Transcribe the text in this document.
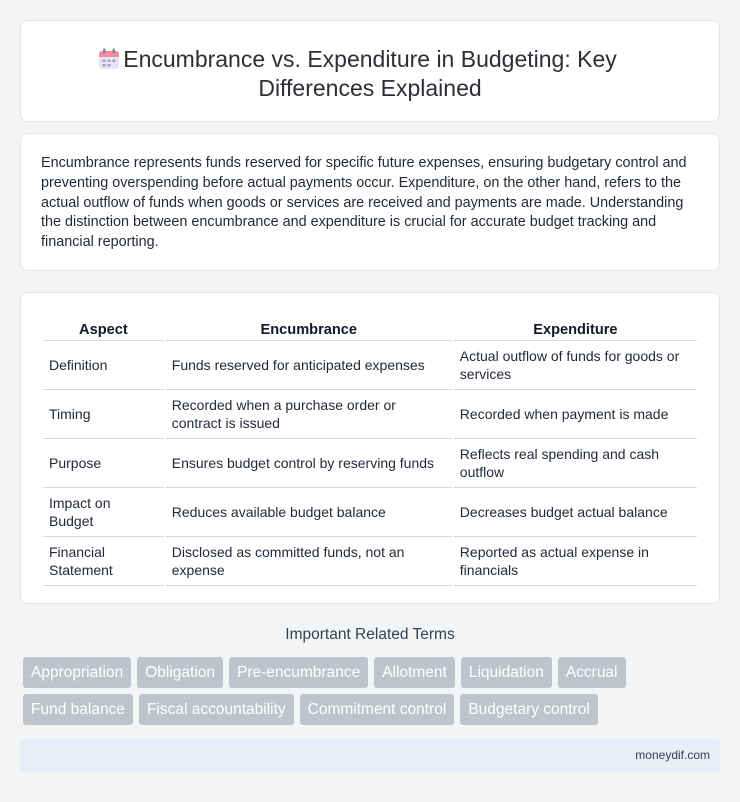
Encumbrance vs. Expenditure in Budgeting: Key Differences Explained

Encumbrance represents funds reserved for specific future expenses, ensuring budgetary control and preventing overspending before actual payments occur. Expenditure, on the other hand, refers to the actual outflow of funds when goods or services are received and payments are made. Understanding the distinction between encumbrance and expenditure is crucial for accurate budget tracking and financial reporting.

Aspect	Encumbrance	Expenditure
Definition	Funds reserved for anticipated expenses	Actual outflow of funds for goods or services
Timing	Recorded when a purchase order or contract is issued	Recorded when payment is made
Purpose	Ensures budget control by reserving funds	Reflects real spending and cash outflow
Impact on Budget	Reduces available budget balance	Decreases budget actual balance
Financial Statement	Disclosed as committed funds, not an expense	Reported as actual expense in financials
Important Related Terms
Appropriation	Obligation	Pre-encumbrance	Allotment	Liquidation	Accrual
Fund balance	Fiscal accountability	Commitment control	Budgetary control
moneydif.com
